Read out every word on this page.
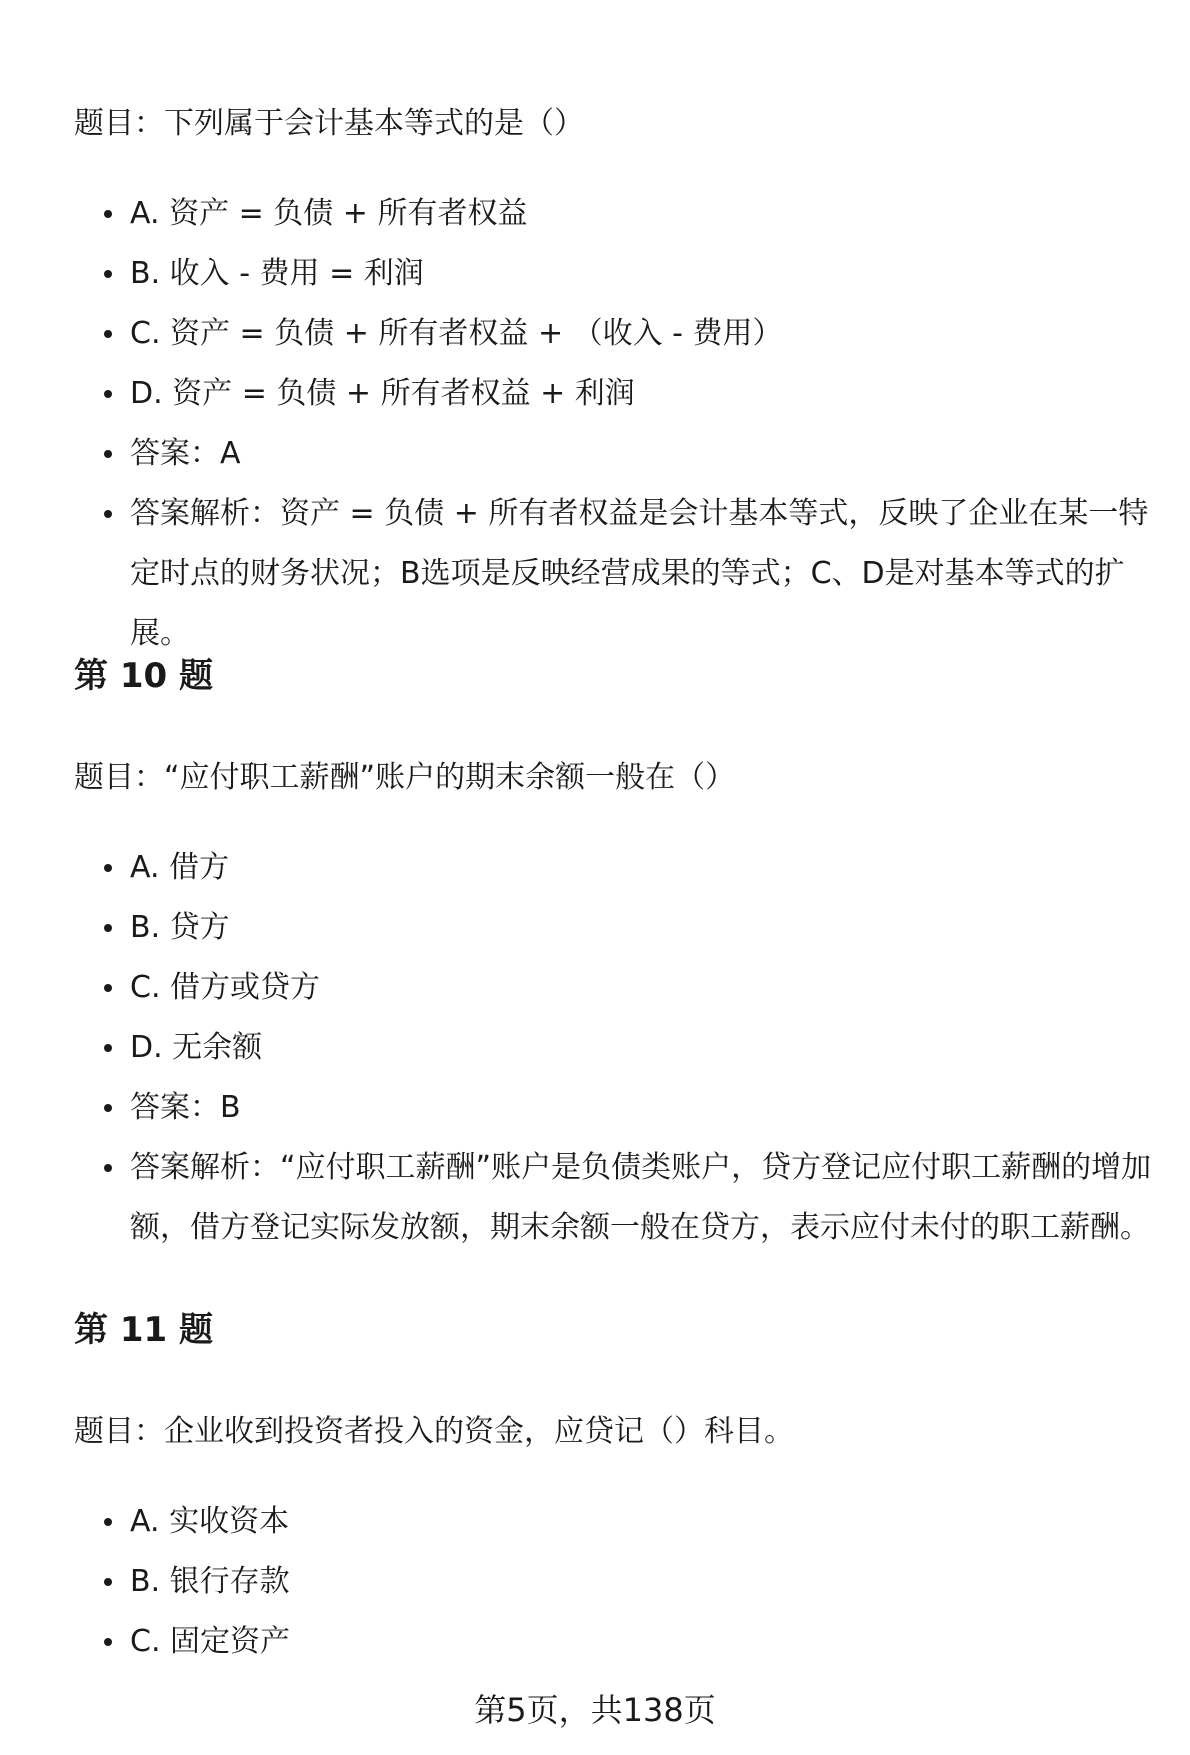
题目：下列属于会计基本等式的是（）

A. 资产 = 负债 + 所有者权益
B. 收入 - 费用 = 利润
C. 资产 = 负债 + 所有者权益 + （收入 - 费用）
D. 资产 = 负债 + 所有者权益 + 利润
答案：A
答案解析：资产 = 负债 + 所有者权益是会计基本等式，反映了企业在某一特定时点的财务状况；B选项是反映经营成果的等式；C、D是对基本等式的扩展。
第 10 题

题目：“应付职工薪酬”账户的期末余额一般在（）

A. 借方
B. 贷方
C. 借方或贷方
D. 无余额
答案：B
答案解析：“应付职工薪酬”账户是负债类账户，贷方登记应付职工薪酬的增加额，借方登记实际发放额，期末余额一般在贷方，表示应付未付的职工薪酬。
第 11 题

题目：企业收到投资者投入的资金，应贷记（）科目。

A. 实收资本
B. 银行存款
C. 固定资产

第5页，共138页
